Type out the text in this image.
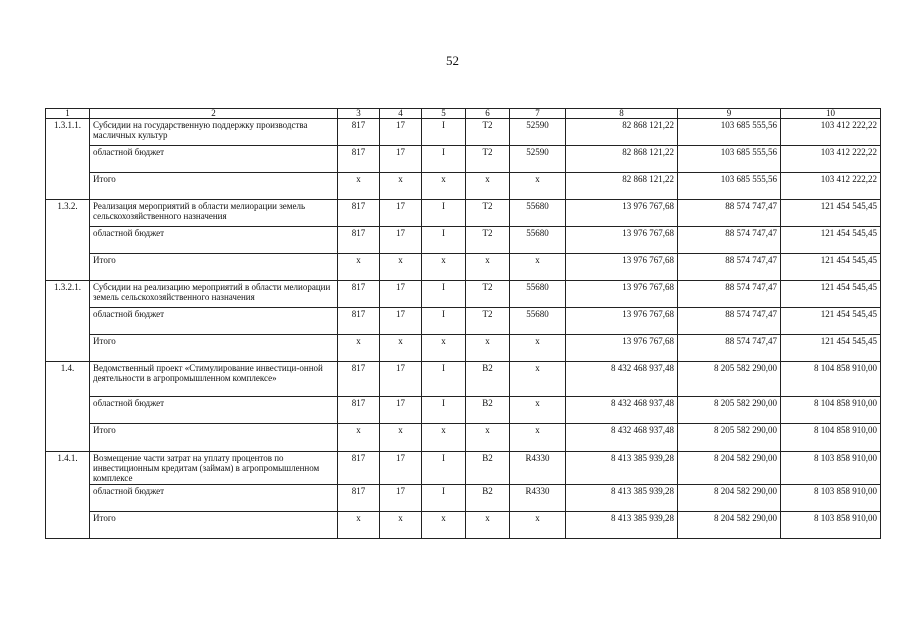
52
1	2	3	4	5	6	7	8	9	10
1.3.1.1.	Субсидии на государственную поддержку производства масличных культур	817	17	I	T2	52590	82 868 121,22	103 685 555,56	103 412 222,22
	областной бюджет	817	17	I	T2	52590	82 868 121,22	103 685 555,56	103 412 222,22
	Итого	x	x	x	x	x	82 868 121,22	103 685 555,56	103 412 222,22
1.3.2.	Реализация мероприятий в области мелиорации земель сельскохозяйственного назначения	817	17	I	T2	55680	13 976 767,68	88 574 747,47	121 454 545,45
	областной бюджет	817	17	I	T2	55680	13 976 767,68	88 574 747,47	121 454 545,45
	Итого	x	x	x	x	x	13 976 767,68	88 574 747,47	121 454 545,45
1.3.2.1.	Субсидии на реализацию мероприятий в области мелиорации земель сельскохозяйственного назначения	817	17	I	T2	55680	13 976 767,68	88 574 747,47	121 454 545,45
	областной бюджет	817	17	I	T2	55680	13 976 767,68	88 574 747,47	121 454 545,45
	Итого	x	x	x	x	x	13 976 767,68	88 574 747,47	121 454 545,45
1.4.	Ведомственный проект «Стимулирование инвестици-онной деятельности в агропромышленном комплексе»	817	17	I	B2	x	8 432 468 937,48	8 205 582 290,00	8 104 858 910,00
	областной бюджет	817	17	I	B2	x	8 432 468 937,48	8 205 582 290,00	8 104 858 910,00
	Итого	x	x	x	x	x	8 432 468 937,48	8 205 582 290,00	8 104 858 910,00
1.4.1.	Возмещение части затрат на уплату процентов по инвестиционным кредитам (займам) в агропромышленном комплексе	817	17	I	B2	R4330	8 413 385 939,28	8 204 582 290,00	8 103 858 910,00
	областной бюджет	817	17	I	B2	R4330	8 413 385 939,28	8 204 582 290,00	8 103 858 910,00
	Итого	x	x	x	x	x	8 413 385 939,28	8 204 582 290,00	8 103 858 910,00
